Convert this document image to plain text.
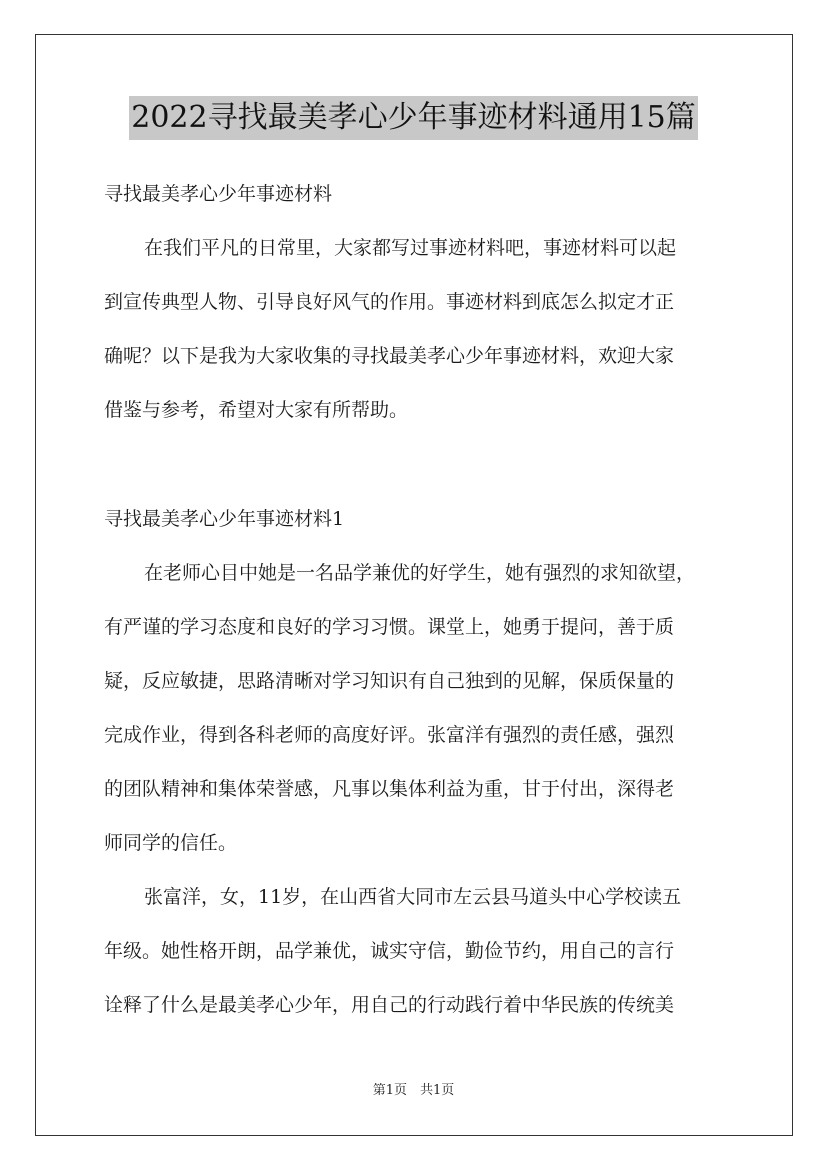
2022寻找最美孝心少年事迹材料通用15篇
寻找最美孝心少年事迹材料
在我们平凡的日常里，大家都写过事迹材料吧，事迹材料可以起
到宣传典型人物、引导良好风气的作用。事迹材料到底怎么拟定才正
确呢？以下是我为大家收集的寻找最美孝心少年事迹材料，欢迎大家
借鉴与参考，希望对大家有所帮助。
寻找最美孝心少年事迹材料1
在老师心目中她是一名品学兼优的好学生，她有强烈的求知欲望，
有严谨的学习态度和良好的学习习惯。课堂上，她勇于提问，善于质
疑，反应敏捷，思路清晰对学习知识有自己独到的见解，保质保量的
完成作业，得到各科老师的高度好评。张富洋有强烈的责任感，强烈
的团队精神和集体荣誉感，凡事以集体利益为重，甘于付出，深得老
师同学的信任。
张富洋，女，11岁，在山西省大同市左云县马道头中心学校读五
年级。她性格开朗，品学兼优，诚实守信，勤俭节约，用自己的言行
诠释了什么是最美孝心少年，用自己的行动践行着中华民族的传统美
第1页　共1页
